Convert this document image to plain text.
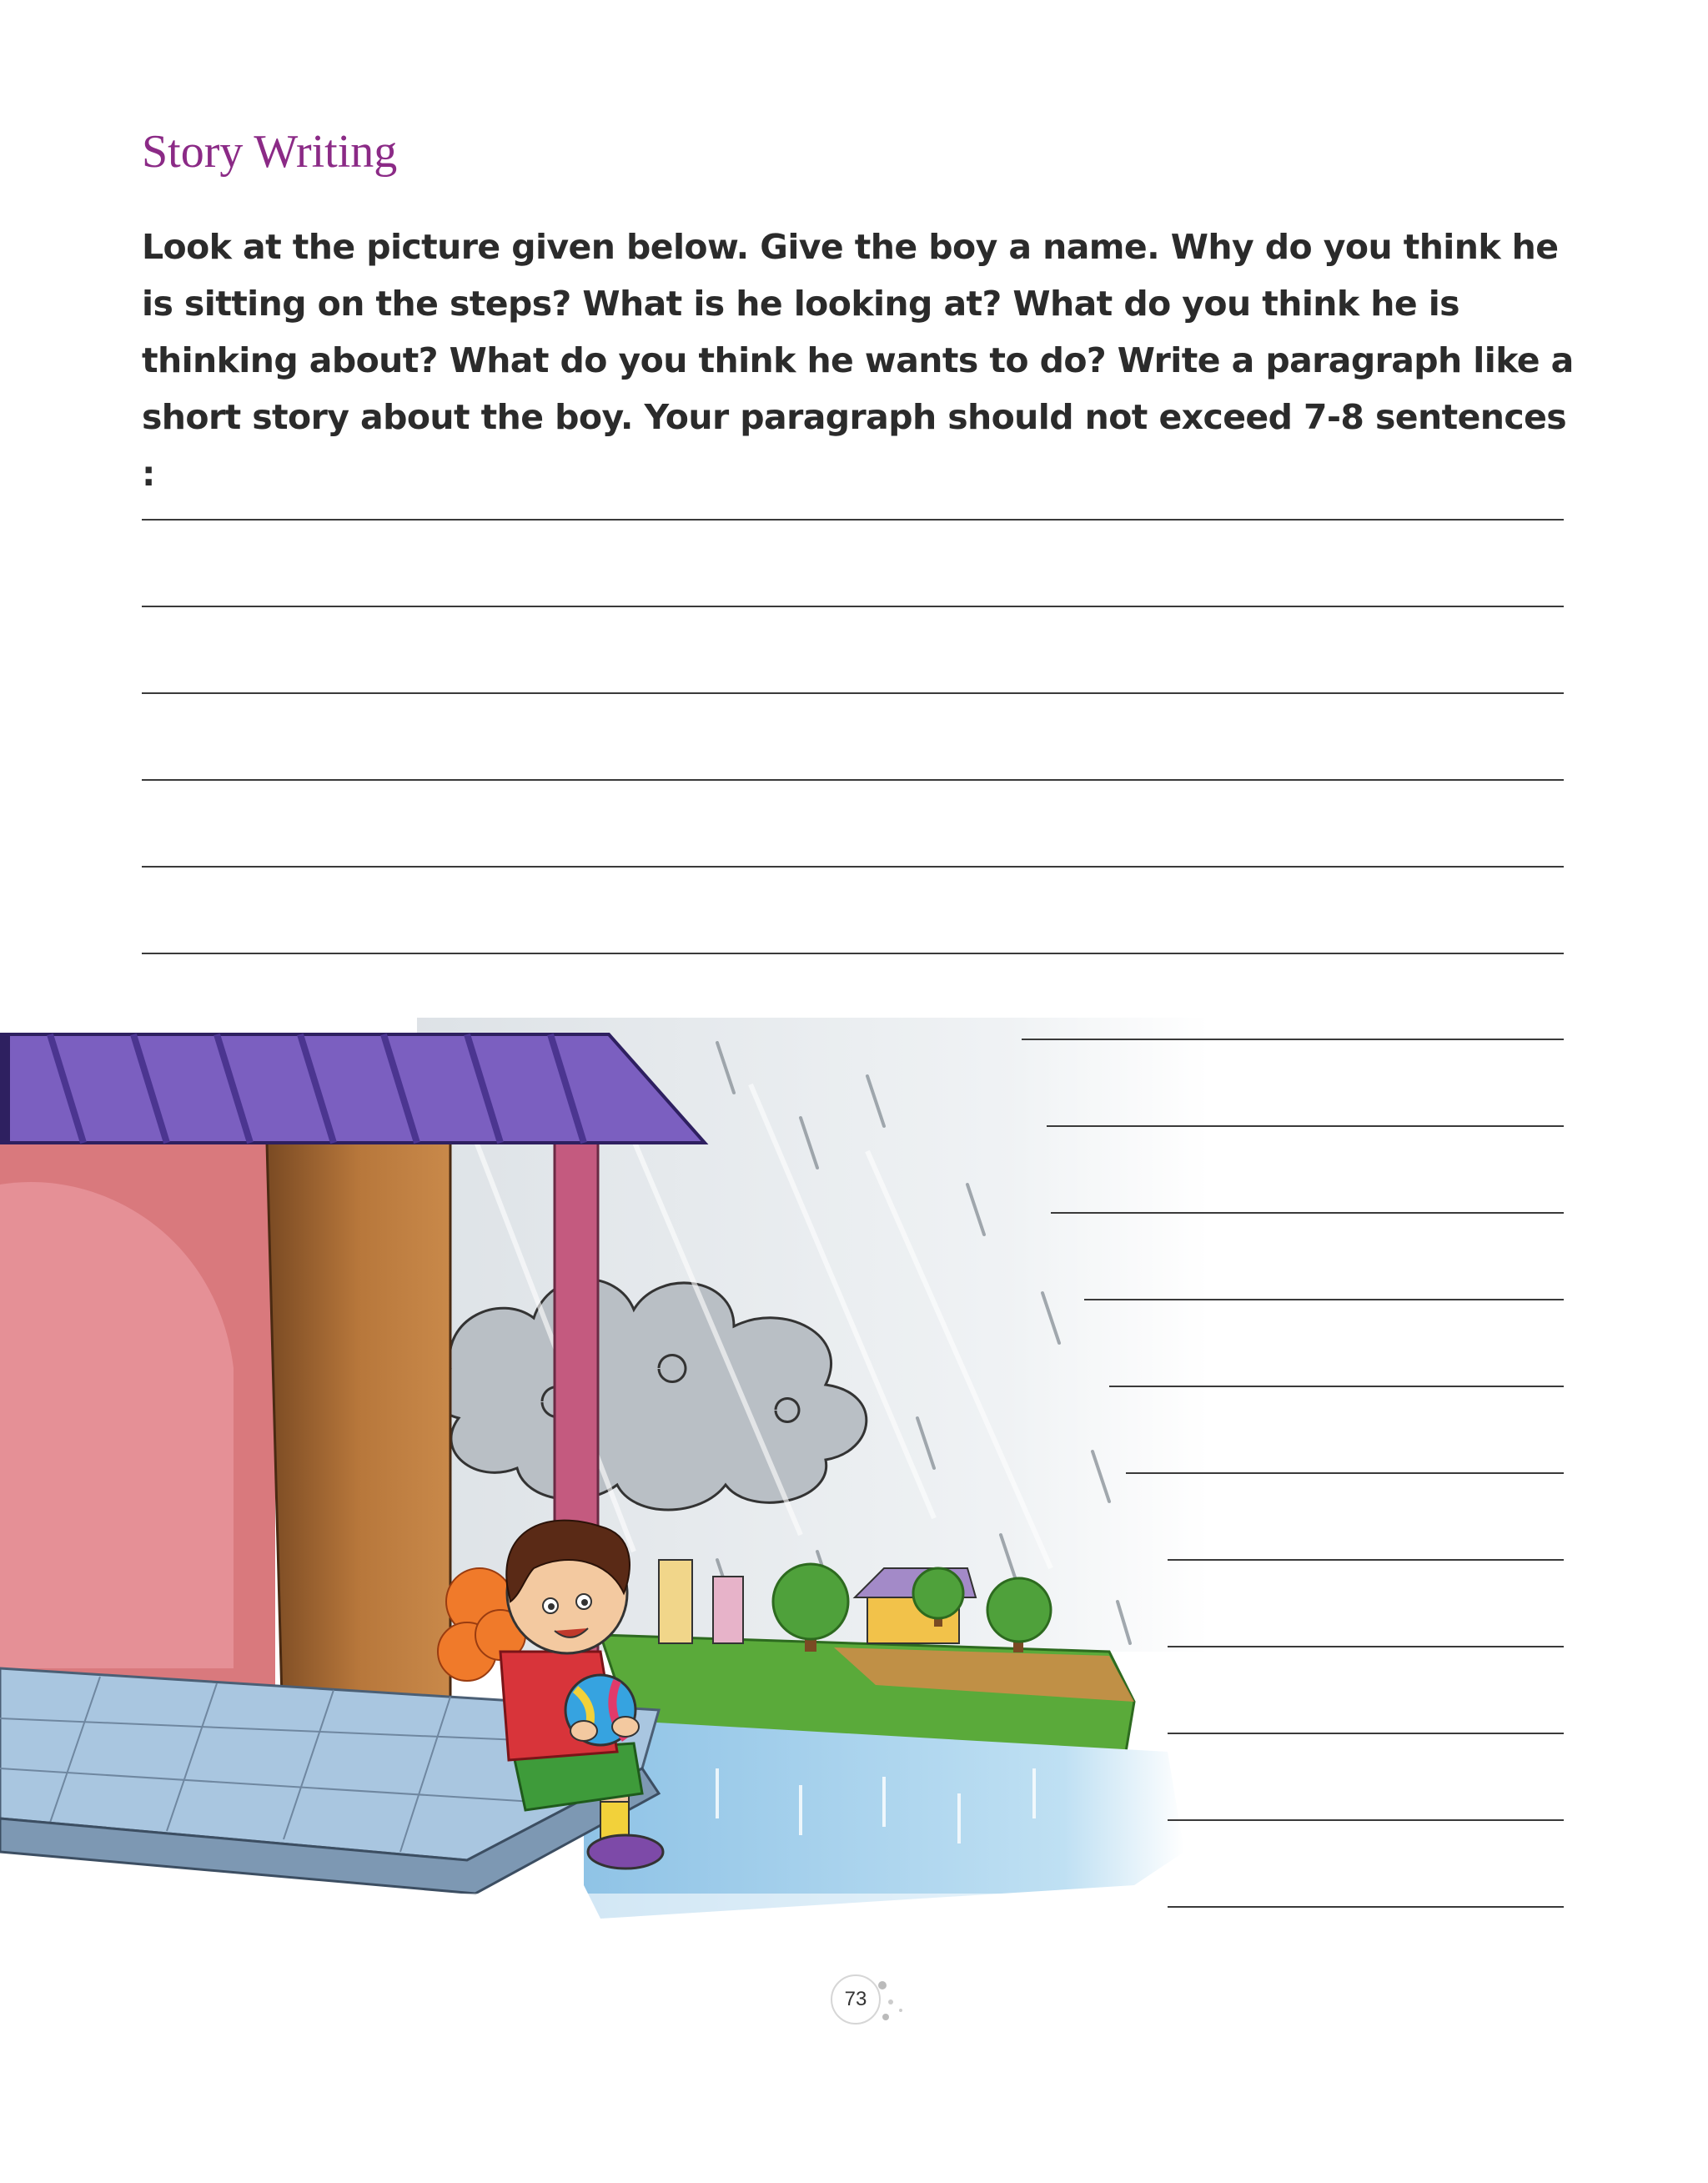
Story Writing

Look at the picture given below. Give the boy a name. Why do you think he is sitting on the steps? What is he looking at? What do you think he is thinking about? What do you think he wants to do? Write a paragraph like a short story about the boy. Your paragraph should not exceed 7-8 sentences :

73
